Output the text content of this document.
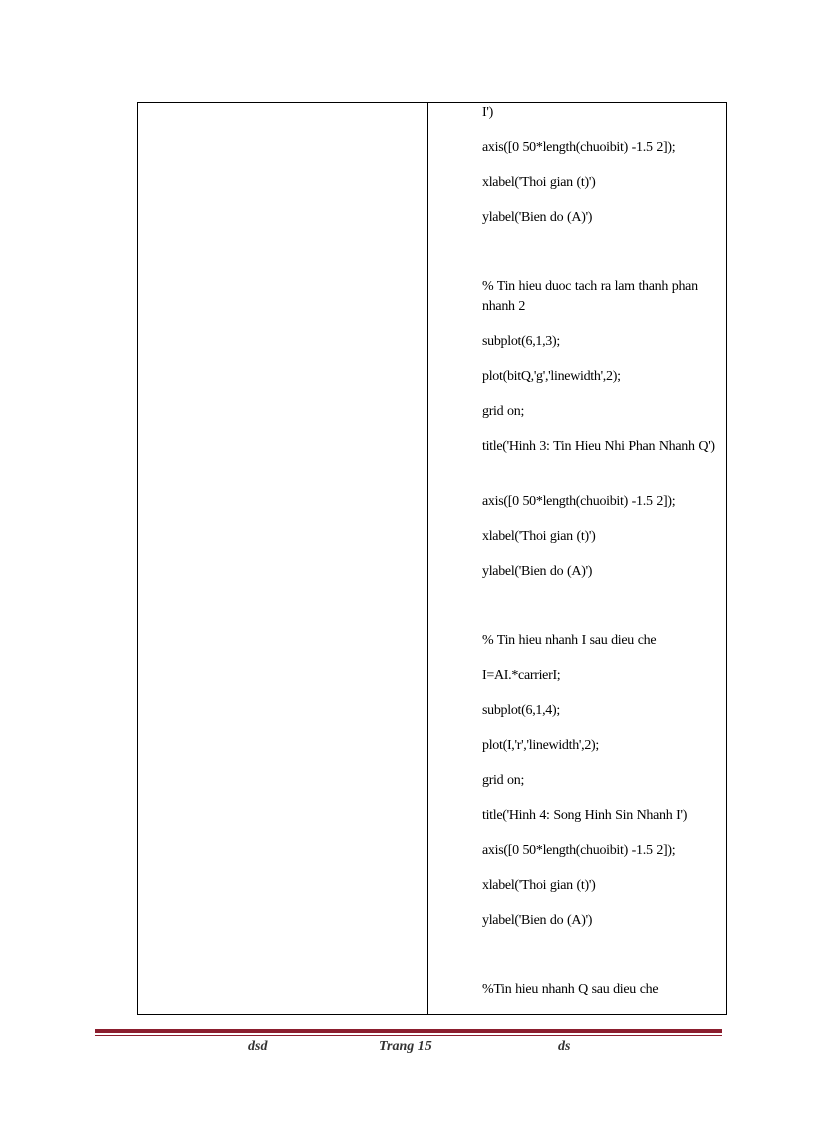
I')
axis([0 50*length(chuoibit) -1.5 2]);
xlabel('Thoi gian (t)')
ylabel('Bien do (A)')
% Tin hieu duoc tach ra lam thanh phan nhanh 2
subplot(6,1,3);
plot(bitQ,'g','linewidth',2);
grid on;
title('Hinh 3: Tin Hieu Nhi Phan Nhanh Q')
axis([0 50*length(chuoibit) -1.5 2]);
xlabel('Thoi gian (t)')
ylabel('Bien do (A)')
% Tin hieu nhanh I sau dieu che
I=AI.*carrierI;
subplot(6,1,4);
plot(I,'r','linewidth',2);
grid on;
title('Hinh 4: Song Hinh Sin Nhanh I')
axis([0 50*length(chuoibit) -1.5 2]);
xlabel('Thoi gian (t)')
ylabel('Bien do (A)')
%Tin hieu nhanh Q sau dieu che
dsd	Trang 15	ds
